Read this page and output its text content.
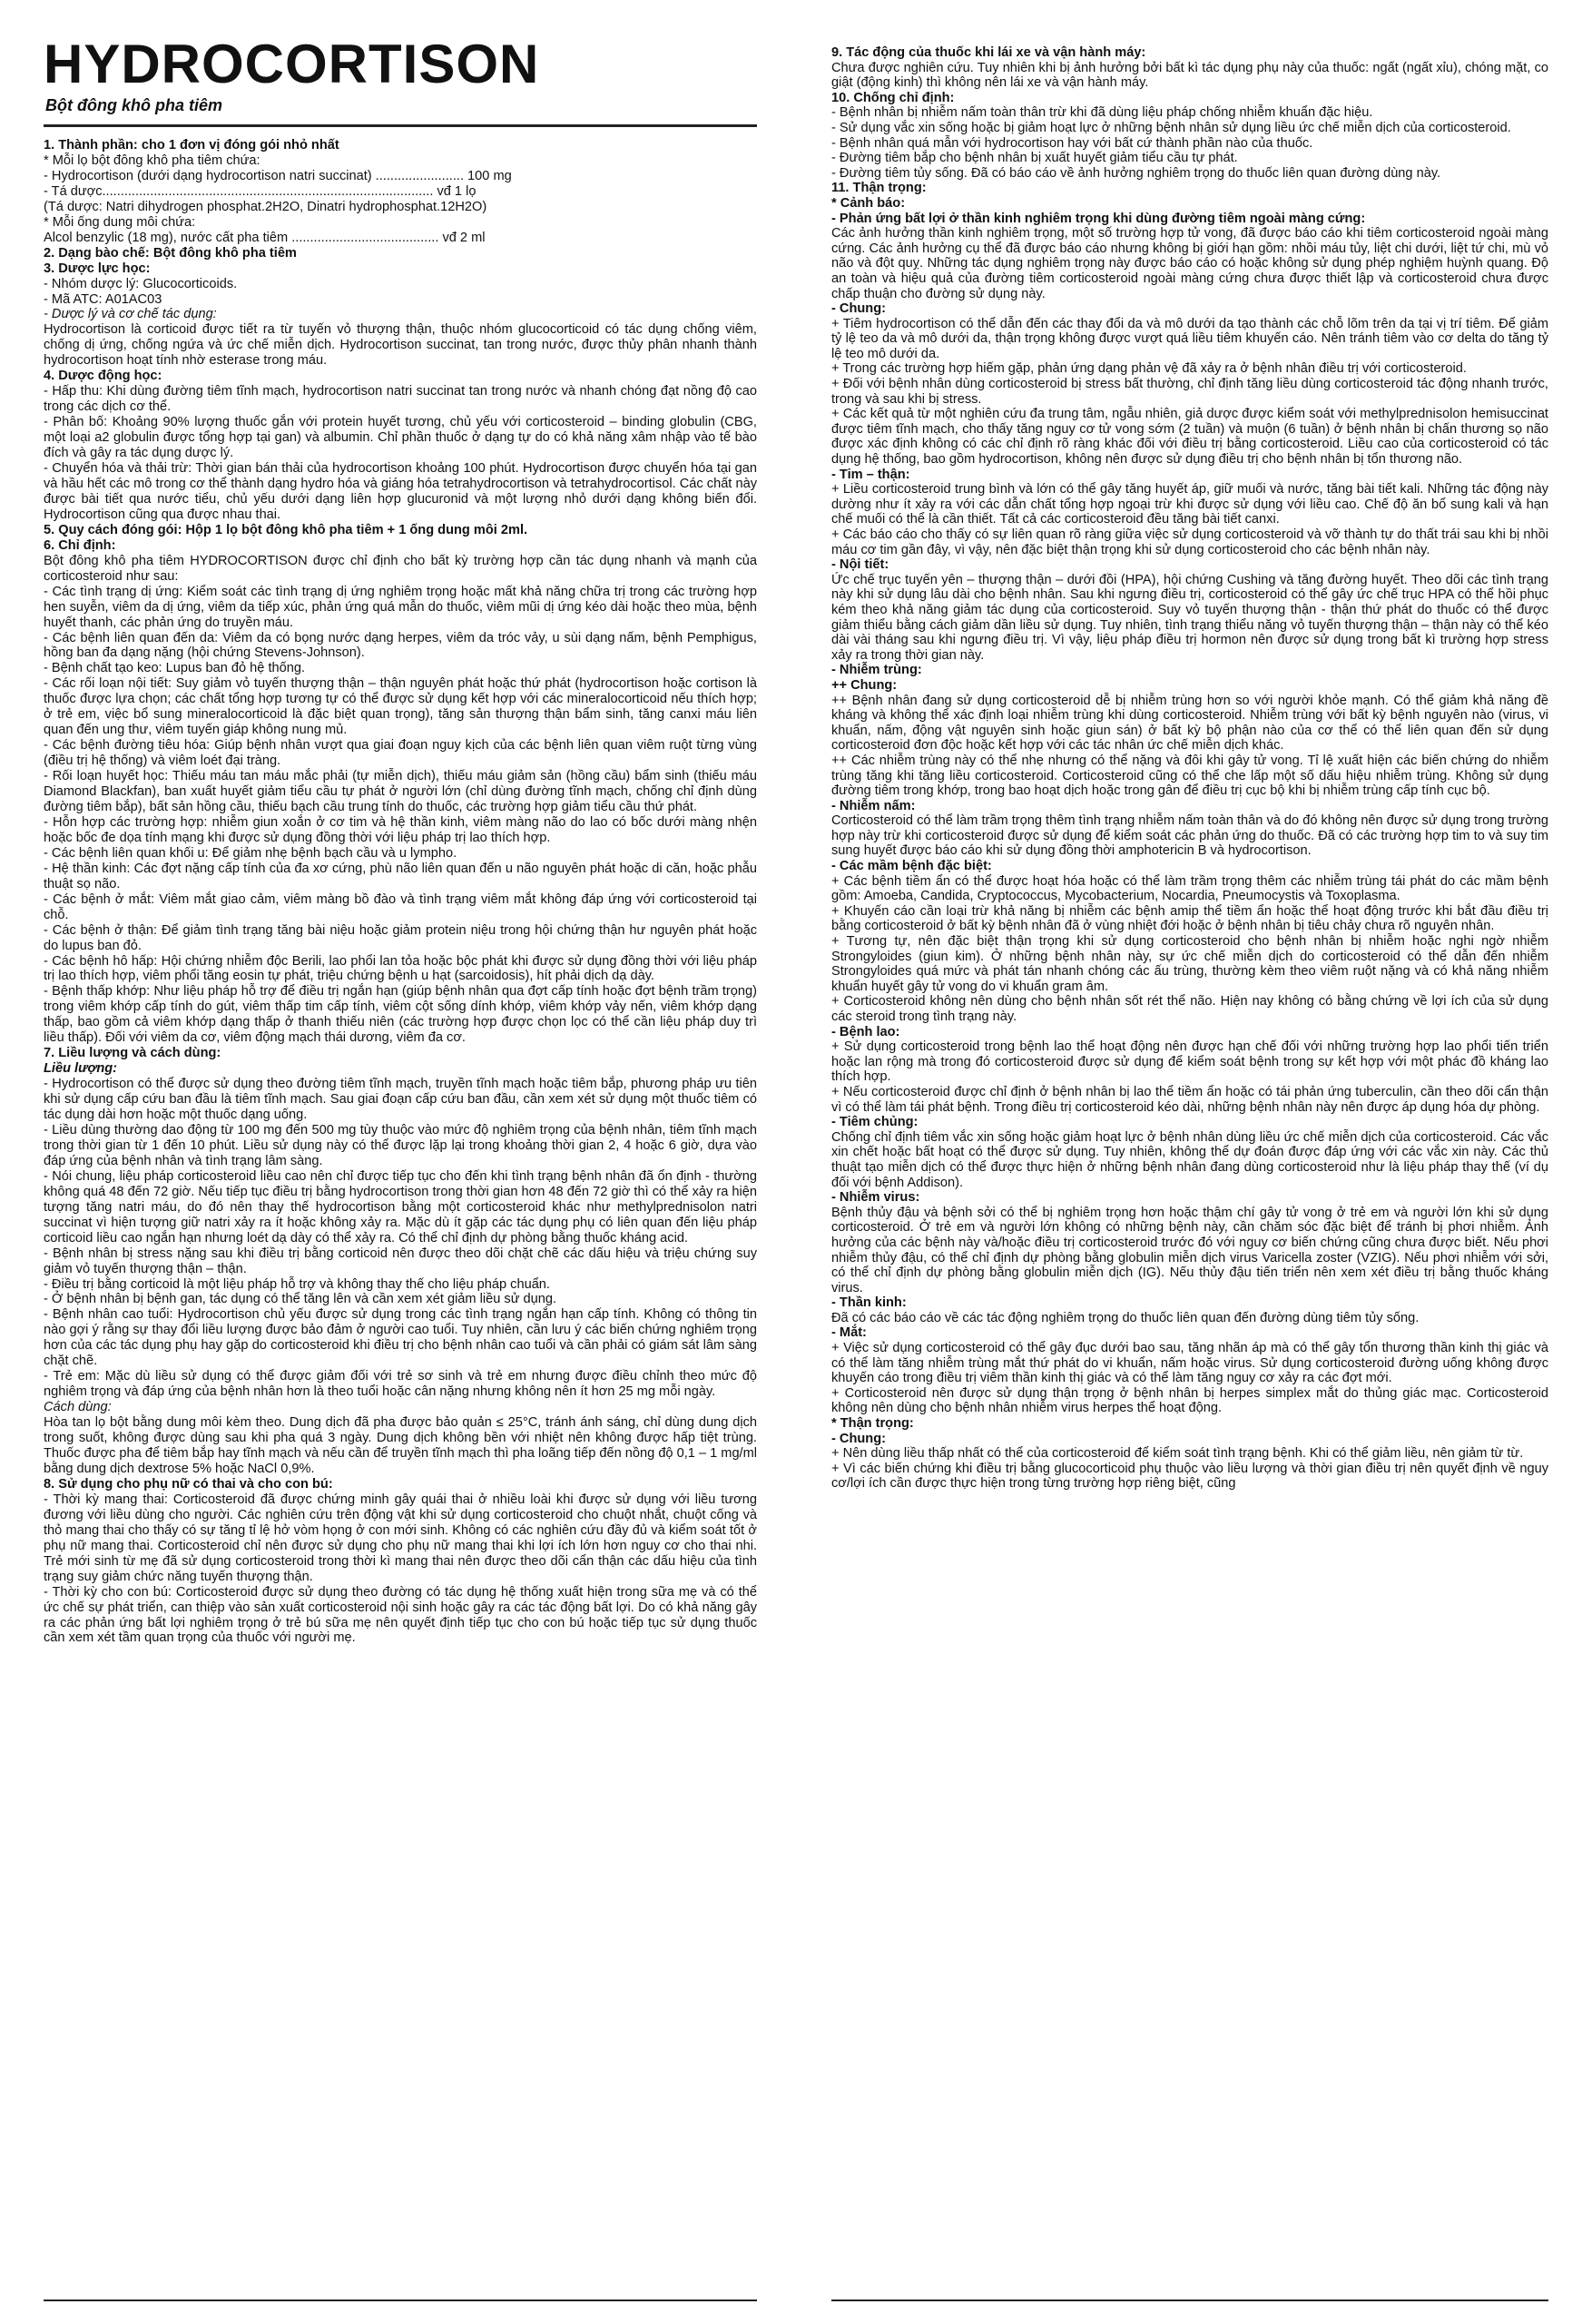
HYDROCORTISON
Bột đông khô pha tiêm

1. Thành phần: cho 1 đơn vị đóng gói nhỏ nhất

* Mỗi lọ bột đông khô pha tiêm chứa:

- Hydrocortison (dưới dạng hydrocortison natri succinat) ........................ 100 mg

- Tá dược.......................................................................................... vđ 1 lọ

(Tá dược: Natri dihydrogen phosphat.2H2O, Dinatri hydrophosphat.12H2O)

* Mỗi ống dung môi chứa:

Alcol benzylic (18 mg), nước cất pha tiêm ........................................ vđ 2 ml

2. Dạng bào chế: Bột đông khô pha tiêm

3. Dược lực học:

- Nhóm dược lý: Glucocorticoids.

- Mã ATC: A01AC03

- Dược lý và cơ chế tác dụng:

Hydrocortison là corticoid được tiết ra từ tuyến vỏ thượng thận, thuộc nhóm glucocorticoid có tác dụng chống viêm, chống dị ứng, chống ngứa và ức chế miễn dịch. Hydrocortison succinat, tan trong nước, được thủy phân nhanh thành hydrocortison hoạt tính nhờ esterase trong máu.

4. Dược động học:

- Hấp thu: Khi dùng đường tiêm tĩnh mạch, hydrocortison natri succinat tan trong nước và nhanh chóng đạt nồng độ cao trong các dịch cơ thể.

- Phân bố: Khoảng 90% lượng thuốc gắn với protein huyết tương, chủ yếu với corticosteroid – binding globulin (CBG, một loại a2 globulin được tổng hợp tại gan) và albumin. Chỉ phần thuốc ở dạng tự do có khả năng xâm nhập vào tế bào đích và gây ra tác dụng dược lý.

- Chuyển hóa và thải trừ: Thời gian bán thải của hydrocortison khoảng 100 phút. Hydrocortison được chuyển hóa tại gan và hầu hết các mô trong cơ thể thành dạng hydro hóa và giáng hóa tetrahydrocortison và tetrahydrocortisol. Các chất này được bài tiết qua nước tiểu, chủ yếu dưới dạng liên hợp glucuronid và một lượng nhỏ dưới dạng không biến đổi. Hydrocortison cũng qua được nhau thai.

5. Quy cách đóng gói: Hộp 1 lọ bột đông khô pha tiêm + 1 ống dung môi 2ml.

6. Chỉ định:

Bột đông khô pha tiêm HYDROCORTISON được chỉ định cho bất kỳ trường hợp cần tác dụng nhanh và mạnh của corticosteroid như sau:

- Các tình trạng dị ứng: Kiểm soát các tình trạng dị ứng nghiêm trọng hoặc mất khả năng chữa trị trong các trường hợp hen suyễn, viêm da dị ứng, viêm da tiếp xúc, phản ứng quá mẫn do thuốc, viêm mũi dị ứng kéo dài hoặc theo mùa, bệnh huyết thanh, các phản ứng do truyền máu.

- Các bệnh liên quan đến da: Viêm da có bọng nước dạng herpes, viêm da tróc vảy, u sùi dạng nấm, bệnh Pemphigus, hồng ban đa dạng nặng (hội chứng Stevens-Johnson).

- Bệnh chất tạo keo: Lupus ban đỏ hệ thống.

- Các rối loạn nội tiết: Suy giảm vỏ tuyến thượng thận – thận nguyên phát hoặc thứ phát (hydrocortison hoặc cortison là thuốc được lựa chọn; các chất tổng hợp tương tự có thể được sử dụng kết hợp với các mineralocorticoid nếu thích hợp; ở trẻ em, việc bổ sung mineralocorticoid là đặc biệt quan trọng), tăng sản thượng thận bẩm sinh, tăng canxi máu liên quan đến ung thư, viêm tuyến giáp không nung mủ.

- Các bệnh đường tiêu hóa: Giúp bệnh nhân vượt qua giai đoạn nguy kịch của các bệnh liên quan viêm ruột từng vùng (điều trị hệ thống) và viêm loét đại tràng.

- Rối loạn huyết học: Thiếu máu tan máu mắc phải (tự miễn dịch), thiếu máu giảm sản (hồng cầu) bẩm sinh (thiếu máu Diamond Blackfan), ban xuất huyết giảm tiểu cầu tự phát ở người lớn (chỉ dùng đường tĩnh mạch, chống chỉ định dùng đường tiêm bắp), bất sản hồng cầu, thiếu bạch cầu trung tính do thuốc, các trường hợp giảm tiểu cầu thứ phát.

- Hỗn hợp các trường hợp: nhiễm giun xoắn ở cơ tim và hệ thần kinh, viêm màng não do lao có bốc dưới màng nhện hoặc bốc đe dọa tính mạng khi được sử dụng đồng thời với liệu pháp trị lao thích hợp.

- Các bệnh liên quan khối u: Để giảm nhẹ bệnh bạch cầu và u lympho.

- Hệ thần kinh: Các đợt nặng cấp tính của đa xơ cứng, phù não liên quan đến u não nguyên phát hoặc di căn, hoặc phẫu thuật sọ não.

- Các bệnh ở mắt: Viêm mắt giao cảm, viêm màng bồ đào và tình trạng viêm mắt không đáp ứng với corticosteroid tại chỗ.

- Các bệnh ở thận: Để giảm tình trạng tăng bài niệu hoặc giảm protein niệu trong hội chứng thận hư nguyên phát hoặc do lupus ban đỏ.

- Các bệnh hô hấp: Hội chứng nhiễm độc Berili, lao phổi lan tỏa hoặc bộc phát khi được sử dụng đồng thời với liệu pháp trị lao thích hợp, viêm phổi tăng eosin tự phát, triệu chứng bệnh u hạt (sarcoidosis), hít phải dịch dạ dày.

- Bệnh thấp khớp: Như liệu pháp hỗ trợ để điều trị ngắn hạn (giúp bệnh nhân qua đợt cấp tính hoặc đợt bệnh trầm trọng) trong viêm khớp cấp tính do gút, viêm thấp tim cấp tính, viêm cột sống dính khớp, viêm khớp vảy nến, viêm khớp dạng thấp, bao gồm cả viêm khớp dạng thấp ở thanh thiếu niên (các trường hợp được chọn lọc có thể cần liệu pháp duy trì liều thấp). Đối với viêm da cơ, viêm động mạch thái dương, viêm đa cơ.

7. Liều lượng và cách dùng:

Liều lượng:

- Hydrocortison có thể được sử dụng theo đường tiêm tĩnh mạch, truyền tĩnh mạch hoặc tiêm bắp, phương pháp ưu tiên khi sử dụng cấp cứu ban đầu là tiêm tĩnh mạch. Sau giai đoạn cấp cứu ban đầu, cần xem xét sử dụng một thuốc tiêm có tác dụng dài hơn hoặc một thuốc dạng uống.

- Liều dùng thường dao động từ 100 mg đến 500 mg tùy thuộc vào mức độ nghiêm trọng của bệnh nhân, tiêm tĩnh mạch trong thời gian từ 1 đến 10 phút. Liều sử dụng này có thể được lặp lại trong khoảng thời gian 2, 4 hoặc 6 giờ, dựa vào đáp ứng của bệnh nhân và tình trạng lâm sàng.

- Nói chung, liệu pháp corticosteroid liều cao nên chỉ được tiếp tục cho đến khi tình trạng bệnh nhân đã ổn định - thường không quá 48 đến 72 giờ. Nếu tiếp tục điều trị bằng hydrocortison trong thời gian hơn 48 đến 72 giờ thì có thể xảy ra hiện tượng tăng natri máu, do đó nên thay thế hydrocortison bằng một corticosteroid khác như methylprednisolon natri succinat vì hiện tượng giữ natri xảy ra ít hoặc không xảy ra. Mặc dù ít gặp các tác dụng phụ có liên quan đến liệu pháp corticoid liều cao ngắn hạn nhưng loét dạ dày có thể xảy ra. Có thể chỉ định dự phòng bằng thuốc kháng acid.

- Bệnh nhân bị stress nặng sau khi điều trị bằng corticoid nên được theo dõi chặt chẽ các dấu hiệu và triệu chứng suy giảm vỏ tuyến thượng thận – thận.

- Điều trị bằng corticoid là một liệu pháp hỗ trợ và không thay thế cho liệu pháp chuẩn.

- Ở bệnh nhân bị bệnh gan, tác dụng có thể tăng lên và cần xem xét giảm liều sử dụng.

- Bệnh nhân cao tuổi: Hydrocortison chủ yếu được sử dụng trong các tình trạng ngắn hạn cấp tính. Không có thông tin nào gợi ý rằng sự thay đổi liều lượng được bảo đảm ở người cao tuổi. Tuy nhiên, cần lưu ý các biến chứng nghiêm trọng hơn của các tác dụng phụ hay gặp do corticosteroid khi điều trị cho bệnh nhân cao tuổi và cần phải có giám sát lâm sàng chặt chẽ.

- Trẻ em: Mặc dù liều sử dụng có thể được giảm đối với trẻ sơ sinh và trẻ em nhưng được điều chỉnh theo mức độ nghiêm trọng và đáp ứng của bệnh nhân hơn là theo tuổi hoặc cân nặng nhưng không nên ít hơn 25 mg mỗi ngày.

Cách dùng:

Hòa tan lọ bột bằng dung môi kèm theo. Dung dịch đã pha được bảo quản ≤ 25°C, tránh ánh sáng, chỉ dùng dung dịch trong suốt, không được dùng sau khi pha quá 3 ngày. Dung dịch không bền với nhiệt nên không được hấp tiệt trùng. Thuốc được pha để tiêm bắp hay tĩnh mạch và nếu cần để truyền tĩnh mạch thì pha loãng tiếp đến nồng độ 0,1 – 1 mg/ml bằng dung dịch dextrose 5% hoặc NaCl 0,9%.

8. Sử dụng cho phụ nữ có thai và cho con bú:

- Thời kỳ mang thai: Corticosteroid đã được chứng minh gây quái thai ở nhiều loài khi được sử dụng với liều tương đương với liều dùng cho người. Các nghiên cứu trên động vật khi sử dụng corticosteroid cho chuột nhắt, chuột cống và thỏ mang thai cho thấy có sự tăng tỉ lệ hở vòm họng ở con mới sinh. Không có các nghiên cứu đầy đủ và kiểm soát tốt ở phụ nữ mang thai. Corticosteroid chỉ nên được sử dụng cho phụ nữ mang thai khi lợi ích lớn hơn nguy cơ cho thai nhi. Trẻ mới sinh từ mẹ đã sử dụng corticosteroid trong thời kì mang thai nên được theo dõi cẩn thận các dấu hiệu của tình trạng suy giảm chức năng tuyến thượng thận.

- Thời kỳ cho con bú: Corticosteroid được sử dụng theo đường có tác dụng hệ thống xuất hiện trong sữa mẹ và có thể ức chế sự phát triển, can thiệp vào sản xuất corticosteroid nội sinh hoặc gây ra các tác động bất lợi. Do có khả năng gây ra các phản ứng bất lợi nghiêm trọng ở trẻ bú sữa mẹ nên quyết định tiếp tục cho con bú hoặc tiếp tục sử dụng thuốc cần xem xét tầm quan trọng của thuốc với người mẹ.

9. Tác động của thuốc khi lái xe và vận hành máy:

Chưa được nghiên cứu. Tuy nhiên khi bị ảnh hưởng bởi bất kì tác dụng phụ này của thuốc: ngất (ngất xỉu), chóng mặt, co giật (động kinh) thì không nên lái xe và vận hành máy.

10. Chống chỉ định:

- Bệnh nhân bị nhiễm nấm toàn thân trừ khi đã dùng liệu pháp chống nhiễm khuẩn đặc hiệu.

- Sử dụng vắc xin sống hoặc bị giảm hoạt lực ở những bệnh nhân sử dụng liều ức chế miễn dịch của corticosteroid.

- Bệnh nhân quá mẫn với hydrocortison hay với bất cứ thành phần nào của thuốc.

- Đường tiêm bắp cho bệnh nhân bị xuất huyết giảm tiểu cầu tự phát.

- Đường tiêm tủy sống. Đã có báo cáo về ảnh hưởng nghiêm trọng do thuốc liên quan đường dùng này.

11. Thận trọng:

* Cảnh báo:

- Phản ứng bất lợi ở thần kinh nghiêm trọng khi dùng đường tiêm ngoài màng cứng:

Các ảnh hưởng thần kinh nghiêm trọng, một số trường hợp tử vong, đã được báo cáo khi tiêm corticosteroid ngoài màng cứng. Các ảnh hưởng cụ thể đã được báo cáo nhưng không bị giới hạn gồm: nhồi máu tủy, liệt chi dưới, liệt tứ chi, mù vỏ não và đột quỵ. Những tác dụng nghiêm trọng này được báo cáo có hoặc không sử dụng phép nghiệm huỳnh quang. Độ an toàn và hiệu quả của đường tiêm corticosteroid ngoài màng cứng chưa được thiết lập và corticosteroid chưa được chấp thuận cho đường sử dụng này.

- Chung:

+ Tiêm hydrocortison có thể dẫn đến các thay đổi da và mô dưới da tạo thành các chỗ lõm trên da tại vị trí tiêm. Để giảm tỷ lệ teo da và mô dưới da, thận trọng không được vượt quá liều tiêm khuyến cáo. Nên tránh tiêm vào cơ delta do tăng tỷ lệ teo mô dưới da.

+ Trong các trường hợp hiếm gặp, phản ứng dạng phản vệ đã xảy ra ở bệnh nhân điều trị với corticosteroid.

+ Đối với bệnh nhân dùng corticosteroid bị stress bất thường, chỉ định tăng liều dùng corticosteroid tác động nhanh trước, trong và sau khi bị stress.

+ Các kết quả từ một nghiên cứu đa trung tâm, ngẫu nhiên, giả dược được kiểm soát với methylprednisolon hemisuccinat được tiêm tĩnh mạch, cho thấy tăng nguy cơ tử vong sớm (2 tuần) và muộn (6 tuần) ở bệnh nhân bị chấn thương sọ não được xác định không có các chỉ định rõ ràng khác đối với điều trị bằng corticosteroid. Liều cao của corticosteroid có tác dụng hệ thống, bao gồm hydrocortison, không nên được sử dụng điều trị cho bệnh nhân bị tổn thương não.

- Tim – thận:

+ Liều corticosteroid trung bình và lớn có thể gây tăng huyết áp, giữ muối và nước, tăng bài tiết kali. Những tác động này dường như ít xảy ra với các dẫn chất tổng hợp ngoại trừ khi được sử dụng với liều cao. Chế độ ăn bổ sung kali và hạn chế muối có thể là cần thiết. Tất cả các corticosteroid đều tăng bài tiết canxi.

+ Các báo cáo cho thấy có sự liên quan rõ ràng giữa việc sử dụng corticosteroid và vỡ thành tự do thất trái sau khi bị nhồi máu cơ tim gần đây, vì vậy, nên đặc biệt thận trọng khi sử dụng corticosteroid cho các bệnh nhân này.

- Nội tiết:

Ức chế trục tuyến yên – thượng thận – dưới đồi (HPA), hội chứng Cushing và tăng đường huyết. Theo dõi các tình trạng này khi sử dụng lâu dài cho bệnh nhân. Sau khi ngưng điều trị, corticosteroid có thể gây ức chế trục HPA có thể hồi phục kém theo khả năng giảm tác dụng của corticosteroid. Suy vỏ tuyến thượng thận - thận thứ phát do thuốc có thể được giảm thiểu bằng cách giảm dần liều sử dụng. Tuy nhiên, tình trạng thiểu năng vỏ tuyến thượng thận – thận này có thể kéo dài vài tháng sau khi ngưng điều trị. Vì vậy, liệu pháp điều trị hormon nên được sử dụng trong bất kì trường hợp stress xảy ra trong thời gian này.

- Nhiễm trùng:

++ Chung:

++ Bệnh nhân đang sử dụng corticosteroid dễ bị nhiễm trùng hơn so với người khỏe mạnh. Có thể giảm khả năng đề kháng và không thể xác định loại nhiễm trùng khi dùng corticosteroid. Nhiễm trùng với bất kỳ bệnh nguyên nào (virus, vi khuẩn, nấm, động vật nguyên sinh hoặc giun sán) ở bất kỳ bộ phận nào của cơ thể có thể liên quan đến sử dụng corticosteroid đơn độc hoặc kết hợp với các tác nhân ức chế miễn dịch khác.

++ Các nhiễm trùng này có thể nhẹ nhưng có thể nặng và đôi khi gây tử vong. Tỉ lệ xuất hiện các biến chứng do nhiễm trùng tăng khi tăng liều corticosteroid. Corticosteroid cũng có thể che lấp một số dấu hiệu nhiễm trùng. Không sử dụng đường tiêm trong khớp, trong bao hoạt dịch hoặc trong gân để điều trị cục bộ khi bị nhiễm trùng cấp tính cục bộ.

- Nhiễm nấm:

Corticosteroid có thể làm trầm trọng thêm tình trạng nhiễm nấm toàn thân và do đó không nên được sử dụng trong trường hợp này trừ khi corticosteroid được sử dụng để kiểm soát các phản ứng do thuốc. Đã có các trường hợp tim to và suy tim sung huyết được báo cáo khi sử dụng đồng thời amphotericin B và hydrocortison.

- Các mầm bệnh đặc biệt:

+ Các bệnh tiềm ẩn có thể được hoạt hóa hoặc có thể làm trầm trọng thêm các nhiễm trùng tái phát do các mầm bệnh gồm: Amoeba, Candida, Cryptococcus, Mycobacterium, Nocardia, Pneumocystis và Toxoplasma.

+ Khuyến cáo cần loại trừ khả năng bị nhiễm các bệnh amip thể tiềm ẩn hoặc thể hoạt động trước khi bắt đầu điều trị bằng corticosteroid ở bất kỳ bệnh nhân đã ở vùng nhiệt đới hoặc ở bệnh nhân bị tiêu chảy chưa rõ nguyên nhân.

+ Tương tự, nên đặc biệt thận trọng khi sử dụng corticosteroid cho bệnh nhân bị nhiễm hoặc nghi ngờ nhiễm Strongyloides (giun kim). Ở những bệnh nhân này, sự ức chế miễn dịch do corticosteroid có thể dẫn đến nhiễm Strongyloides quá mức và phát tán nhanh chóng các ấu trùng, thường kèm theo viêm ruột nặng và có khả năng nhiễm khuẩn huyết gây tử vong do vi khuẩn gram âm.

+ Corticosteroid không nên dùng cho bệnh nhân sốt rét thể não. Hiện nay không có bằng chứng về lợi ích của sử dụng các steroid trong tình trạng này.

- Bệnh lao:

+ Sử dụng corticosteroid trong bệnh lao thể hoạt động nên được hạn chế đối với những trường hợp lao phổi tiến triển hoặc lan rộng mà trong đó corticosteroid được sử dụng để kiểm soát bệnh trong sự kết hợp với một phác đồ kháng lao thích hợp.

+ Nếu corticosteroid được chỉ định ở bệnh nhân bị lao thể tiềm ẩn hoặc có tái phản ứng tuberculin, cần theo dõi cẩn thận vì có thể làm tái phát bệnh. Trong điều trị corticosteroid kéo dài, những bệnh nhân này nên được áp dụng hóa dự phòng.

- Tiêm chủng:

Chống chỉ định tiêm vắc xin sống hoặc giảm hoạt lực ở bệnh nhân dùng liều ức chế miễn dịch của corticosteroid. Các vắc xin chết hoặc bất hoạt có thể được sử dụng. Tuy nhiên, không thể dự đoán được đáp ứng với các vắc xin này. Các thủ thuật tạo miễn dịch có thể được thực hiện ở những bệnh nhân đang dùng corticosteroid như là liệu pháp thay thế (ví dụ đối với bệnh Addison).

- Nhiễm virus:

Bệnh thủy đậu và bệnh sởi có thể bị nghiêm trọng hơn hoặc thậm chí gây tử vong ở trẻ em và người lớn khi sử dụng corticosteroid. Ở trẻ em và người lớn không có những bệnh này, cần chăm sóc đặc biệt để tránh bị phơi nhiễm. Ảnh hưởng của các bệnh này và/hoặc điều trị corticosteroid trước đó với nguy cơ biến chứng cũng chưa được biết. Nếu phơi nhiễm thủy đậu, có thể chỉ định dự phòng bằng globulin miễn dịch virus Varicella zoster (VZIG). Nếu phơi nhiễm với sởi, có thể chỉ định dự phòng bằng globulin miễn dịch (IG). Nếu thủy đậu tiến triển nên xem xét điều trị bằng thuốc kháng virus.

- Thần kinh:

Đã có các báo cáo về các tác động nghiêm trọng do thuốc liên quan đến đường dùng tiêm tủy sống.

- Mắt:

+ Việc sử dụng corticosteroid có thể gây đục dưới bao sau, tăng nhãn áp mà có thể gây tổn thương thần kinh thị giác và có thể làm tăng nhiễm trùng mắt thứ phát do vi khuẩn, nấm hoặc virus. Sử dụng corticosteroid đường uống không được khuyến cáo trong điều trị viêm thần kinh thị giác và có thể làm tăng nguy cơ xảy ra các đợt mới.

+ Corticosteroid nên được sử dụng thận trọng ở bệnh nhân bị herpes simplex mắt do thủng giác mạc. Corticosteroid không nên dùng cho bệnh nhân nhiễm virus herpes thể hoạt động.

* Thận trọng:

- Chung:

+ Nên dùng liều thấp nhất có thể của corticosteroid để kiểm soát tình trạng bệnh. Khi có thể giảm liều, nên giảm từ từ.

+ Vì các biến chứng khi điều trị bằng glucocorticoid phụ thuộc vào liều lượng và thời gian điều trị nên quyết định về nguy cơ/lợi ích cần được thực hiện trong từng trường hợp riêng biệt, cũng
